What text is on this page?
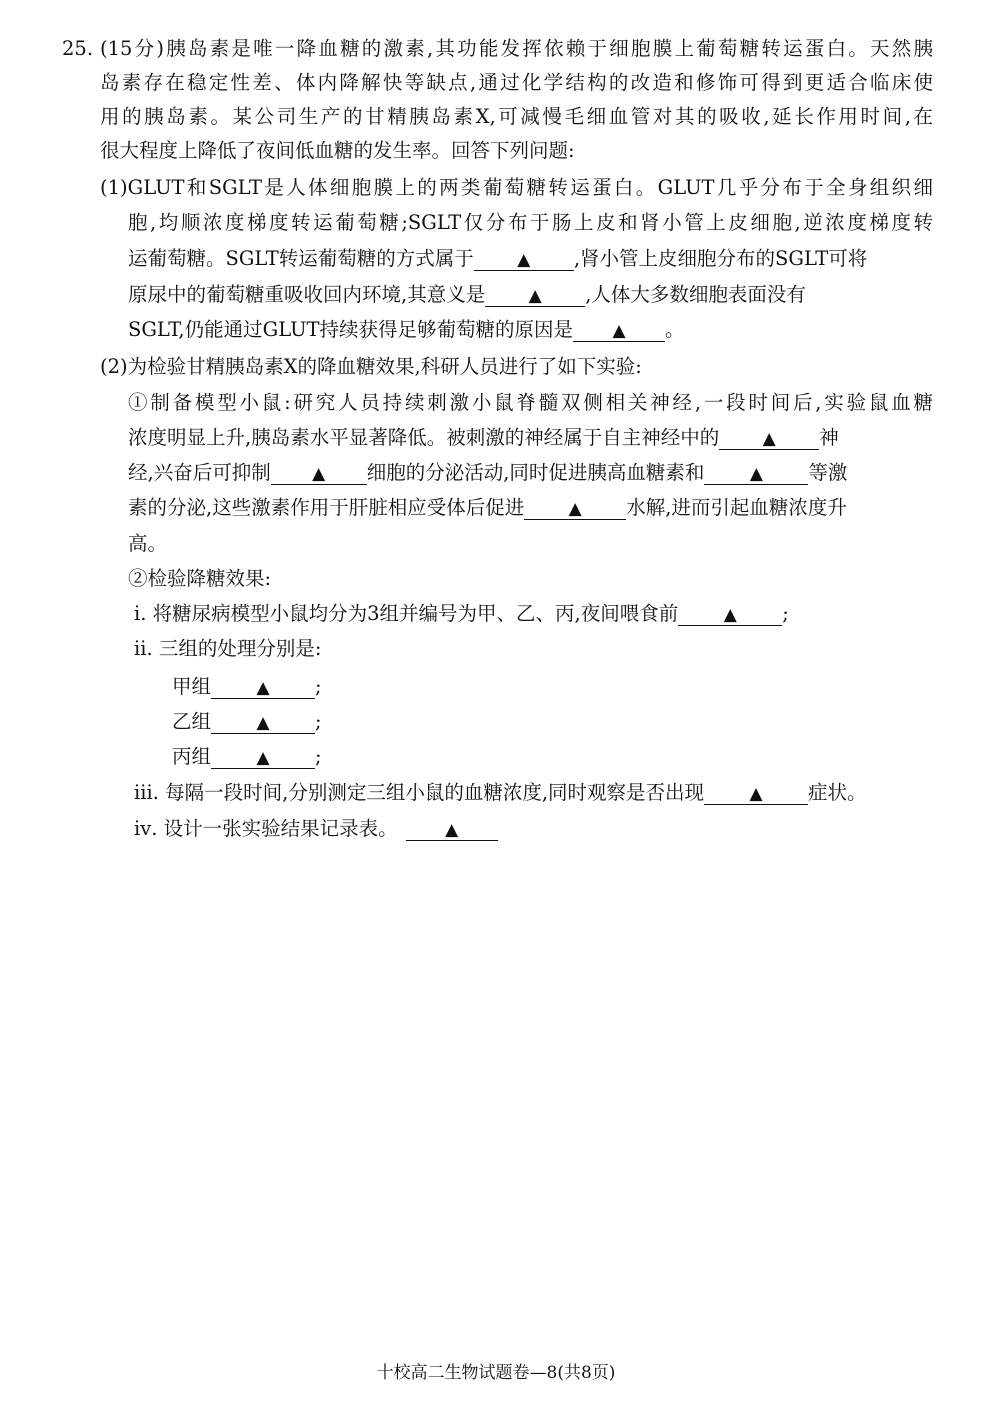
25. (15分)胰岛素是唯一降血糖的激素,其功能发挥依赖于细胞膜上葡萄糖转运蛋白。天然胰
岛素存在稳定性差、体内降解快等缺点,通过化学结构的改造和修饰可得到更适合临床使
用的胰岛素。某公司生产的甘精胰岛素X,可减慢毛细血管对其的吸收,延长作用时间,在
很大程度上降低了夜间低血糖的发生率。回答下列问题:
(1)GLUT和SGLT是人体细胞膜上的两类葡萄糖转运蛋白。GLUT几乎分布于全身组织细
胞,均顺浓度梯度转运葡萄糖;SGLT仅分布于肠上皮和肾小管上皮细胞,逆浓度梯度转
运葡萄糖。SGLT转运葡萄糖的方式属于	▲ ,肾小管上皮细胞分布的SGLT可将
原尿中的葡萄糖重吸收回内环境,其意义是	▲ ,人体大多数细胞表面没有
SGLT,仍能通过GLUT持续获得足够葡萄糖的原因是 ▲ 。
(2)为检验甘精胰岛素X的降血糖效果,科研人员进行了如下实验:
①制备模型小鼠:研究人员持续刺激小鼠脊髓双侧相关神经,一段时间后,实验鼠血糖
浓度明显上升,胰岛素水平显著降低。被刺激的神经属于自主神经中的	▲ 神
经,兴奋后可抑制 ▲ 细胞的分泌活动,同时促进胰高血糖素和	▲ 等激
素的分泌,这些激素作用于肝脏相应受体后促进	▲ 水解,进而引起血糖浓度升
高。
②检验降糖效果:
ⅰ. 将糖尿病模型小鼠均分为3组并编号为甲、乙、丙,夜间喂食前	▲ ;
ⅱ. 三组的处理分别是:
甲组	▲ ;
乙组	▲ ;
丙组	▲ ;
ⅲ. 每隔一段时间,分别测定三组小鼠的血糖浓度,同时观察是否出现	▲ 症状。
ⅳ. 设计一张实验结果记录表。	▲
十校高二生物试题卷—8(共8页)
